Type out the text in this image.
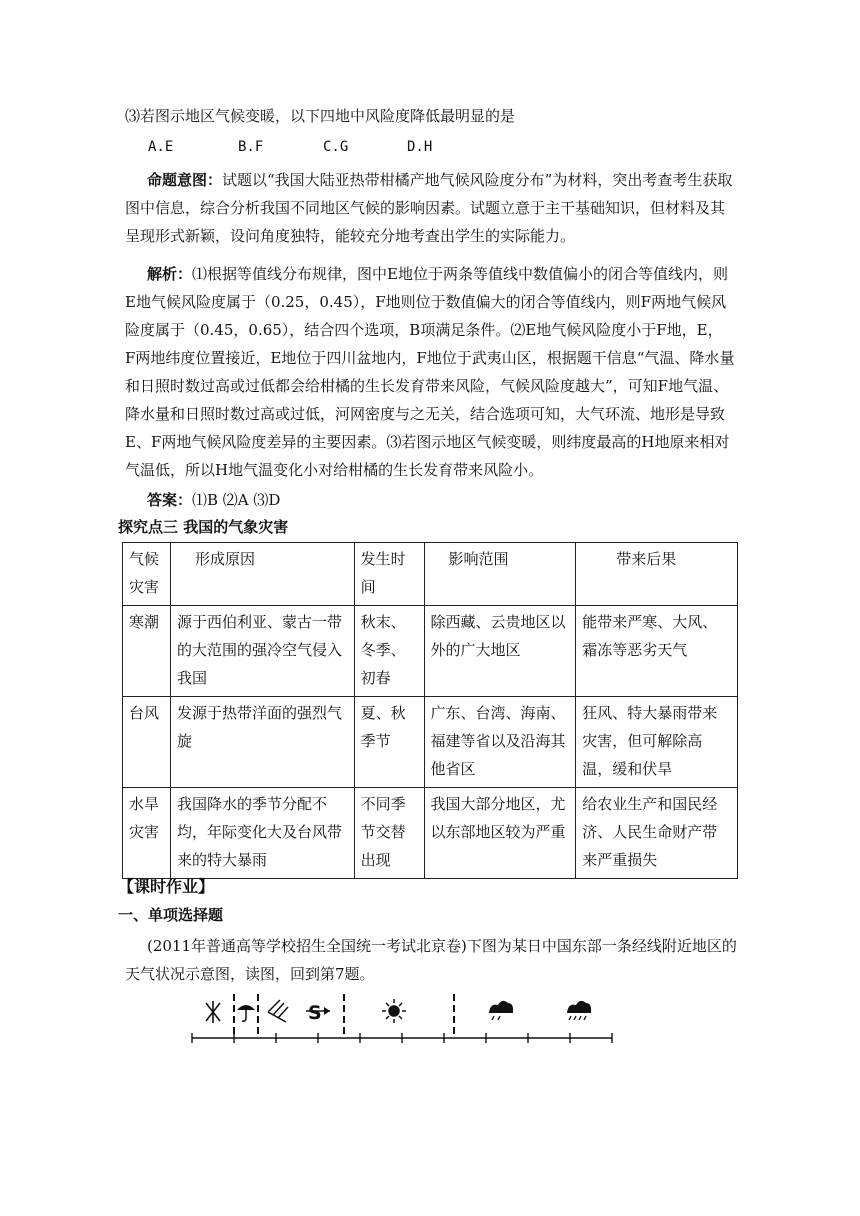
⑶若图示地区气候变暖，以下四地中风险度降低最明显的是

A.E	B.F	C.G	D.H

命题意图：试题以“我国大陆亚热带柑橘产地气候风险度分布”为材料，突出考查考生获取图中信息，综合分析我国不同地区气候的影响因素。试题立意于主干基础知识，但材料及其呈现形式新颖，设问角度独特，能较充分地考查出学生的实际能力。

解析：⑴根据等值线分布规律，图中E地位于两条等值线中数值偏小的闭合等值线内，则E地气候风险度属于（0.25，0.45），F地则位于数值偏大的闭合等值线内，则F两地气候风险度属于（0.45，0.65），结合四个选项，B项满足条件。⑵E地气候风险度小于F地，E， F两地纬度位置接近，E地位于四川盆地内，F地位于武夷山区，根据题干信息“气温、降水量和日照时数过高或过低都会给柑橘的生长发育带来风险，气候风险度越大”，可知F地气温、降水量和日照时数过高或过低，河网密度与之无关，结合选项可知，大气环流、地形是导致E、F两地气候风险度差异的主要因素。⑶若图示地区气候变暖，则纬度最高的H地原来相对气温低，所以H地气温变化小对给柑橘的生长发育带来风险小。

答案：⑴B ⑵A ⑶D

探究点三 我国的气象灾害
气候灾害	形成原因	发生时间	影响范围	带来后果
寒潮	源于西伯利亚、蒙古一带的大范围的强冷空气侵入我国	秋末、冬季、初春	除西藏、云贵地区以外的广大地区	能带来严寒、大风、霜冻等恶劣天气
台风	发源于热带洋面的强烈气旋	夏、秋季节	广东、台湾、海南、福建等省以及沿海其他省区	狂风、特大暴雨带来灾害，但可解除高温，缓和伏旱
水旱灾害	我国降水的季节分配不均，年际变化大及台风带来的特大暴雨	不同季节交替出现	我国大部分地区，尤以东部地区较为严重	给农业生产和国民经济、人民生命财产带来严重损失
【课时作业】
一、单项选择题

(2011年普通高等学校招生全国统一考试北京卷)下图为某日中国东部一条经线附近地区的天气状况示意图，读图，回到第7题。

S
